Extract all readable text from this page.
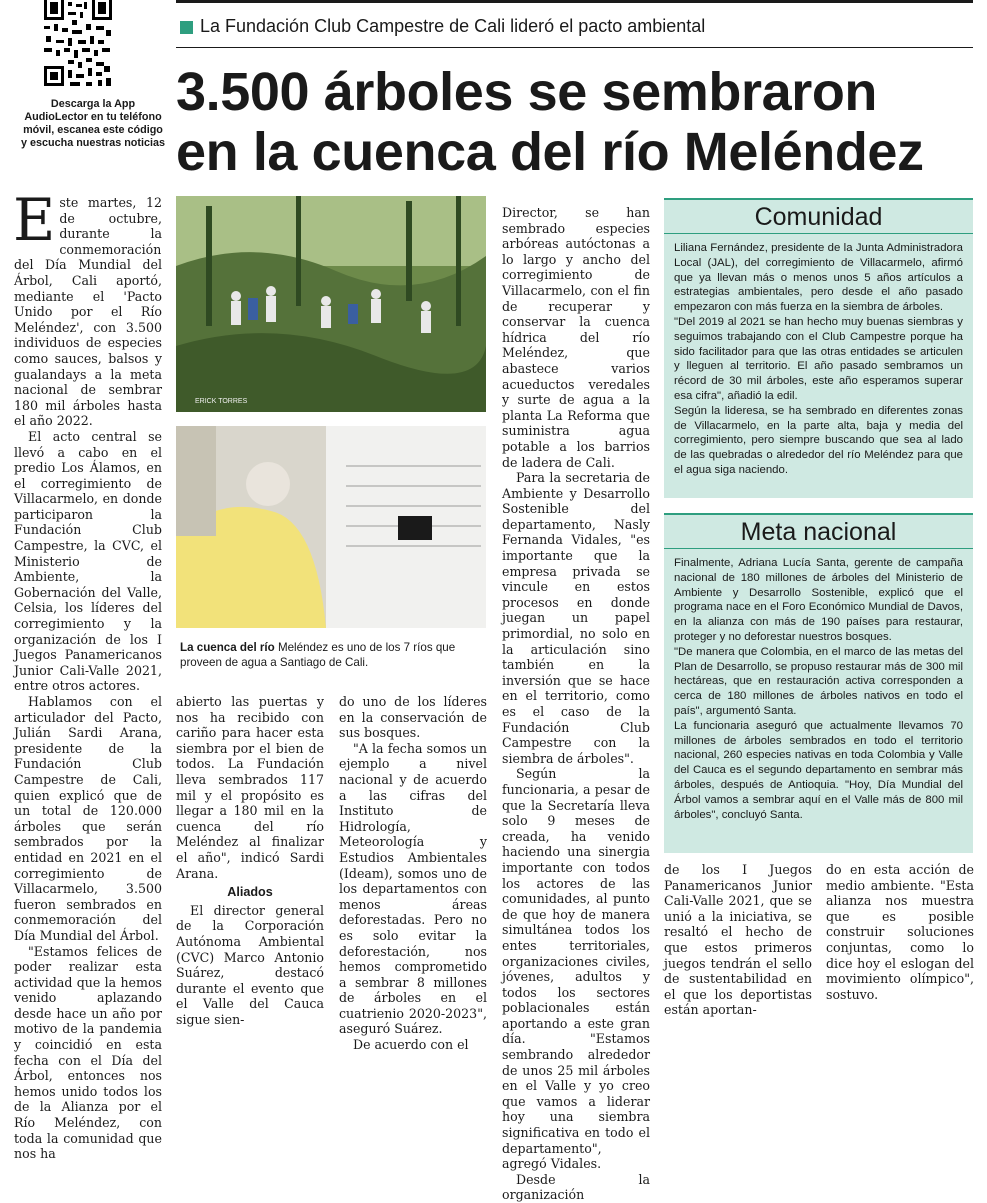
Descarga la App AudioLector en tu teléfono móvil, escanea este código y escucha nuestras noticias
La Fundación Club Campestre de Cali lideró el pacto ambiental
3.500 árboles se sembraron
en la cuenca del río Meléndez

Este martes, 12 de octubre, durante la conmemoración del Día Mundial del Árbol, Cali aportó, mediante el 'Pacto Unido por el Río Meléndez', con 3.500 individuos de especies como sauces, balsos y gualandays a la meta nacional de sembrar 180 mil árboles hasta el año 2022.

El acto central se llevó a cabo en el predio Los Álamos, en el corregimiento de Villacarmelo, en donde participaron la Fundación Club Campestre, la CVC, el Ministerio de Ambiente, la Gobernación del Valle, Celsia, los líderes del corregimiento y la organización de los I Juegos Panamericanos Junior Cali-Valle 2021, entre otros actores.

Hablamos con el articulador del Pacto, Julián Sardi Arana, presidente de la Fundación Club Campestre de Cali, quien explicó que de un total de 120.000 árboles que serán sembrados por la entidad en 2021 en el corregimiento de Villacarmelo, 3.500 fueron sembrados en conmemoración del Día Mundial del Árbol.

"Estamos felices de poder realizar esta actividad que la hemos venido aplazando desde hace un año por motivo de la pandemia y coincidió en esta fecha con el Día del Árbol, entonces nos hemos unido todos los de la Alianza por el Río Meléndez, con toda la comunidad que nos ha

ERICK TORRES
La cuenca del río Meléndez es uno de los 7 ríos que proveen de agua a Santiago de Cali.

abierto las puertas y nos ha recibido con cariño para hacer esta siembra por el bien de todos. La Fundación lleva sembrados 117 mil y el propósito es llegar a 180 mil en la cuenca del río Meléndez al finalizar el año", indicó Sardi Arana.

Aliados

El director general de la Corporación Autónoma Ambiental (CVC) Marco Antonio Suárez, destacó durante el evento que el Valle del Cauca sigue sien-

do uno de los líderes en la conservación de sus bosques.

"A la fecha somos un ejemplo a nivel nacional y de acuerdo a las cifras del Instituto de Hidrología, Meteorología y Estudios Ambientales (Ideam), somos uno de los departamentos con menos áreas deforestadas. Pero no es solo evitar la deforestación, nos hemos comprometido a sembrar 8 millones de árboles en el cuatrienio 2020-2023", aseguró Suárez.

De acuerdo con el

Director, se han sembrado especies arbóreas autóctonas a lo largo y ancho del corregimiento de Villacarmelo, con el fin de recuperar y conservar la cuenca hídrica del río Meléndez, que abastece varios acueductos veredales y surte de agua a la planta La Reforma que suministra agua potable a los barrios de ladera de Cali.

Para la secretaria de Ambiente y Desarrollo Sostenible del departamento, Nasly Fernanda Vidales, "es importante que la empresa privada se vincule en estos procesos en donde juegan un papel primordial, no solo en la articulación sino también en la inversión que se hace en el territorio, como es el caso de la Fundación Club Campestre con la siembra de árboles".

Según la funcionaria, a pesar de que la Secretaría lleva solo 9 meses de creada, ha venido haciendo una sinergia importante con todos los actores de las comunidades, al punto de que hoy de manera simultánea todos los entes territoriales, organizaciones civiles, jóvenes, adultos y todos los sectores poblacionales están aportando a este gran día. "Estamos sembrando alrededor de unos 25 mil árboles en el Valle y yo creo que vamos a liderar hoy una siembra significativa en todo el departamento", agregó Vidales.

Desde la organización

Comunidad

Liliana Fernández, presidente de la Junta Administradora Local (JAL), del corregimiento de Villacarmelo, afirmó que ya llevan más o menos unos 5 años artículos a estrategias ambientales, pero desde el año pasado empezaron con más fuerza en la siembra de árboles.

"Del 2019 al 2021 se han hecho muy buenas siembras y seguimos trabajando con el Club Campestre porque ha sido facilitador para que las otras entidades se articulen y lleguen al territorio. El año pasado sembramos un récord de 30 mil árboles, este año esperamos superar esa cifra", añadió la edil.

Según la lideresa, se ha sembrado en diferentes zonas de Villacarmelo, en la parte alta, baja y media del corregimiento, pero siempre buscando que sea al lado de las quebradas o alrededor del río Meléndez para que el agua siga naciendo.

Meta nacional

Finalmente, Adriana Lucía Santa, gerente de campaña nacional de 180 millones de árboles del Ministerio de Ambiente y Desarrollo Sostenible, explicó que el programa nace en el Foro Económico Mundial de Davos, en la alianza con más de 190 países para restaurar, proteger y no deforestar nuestros bosques.

"De manera que Colombia, en el marco de las metas del Plan de Desarrollo, se propuso restaurar más de 300 mil hectáreas, que en restauración activa corresponden a cerca de 180 millones de árboles nativos en todo el país", argumentó Santa.

La funcionaria aseguró que actualmente llevamos 70 millones de árboles sembrados en todo el territorio nacional, 260 especies nativas en toda Colombia y Valle del Cauca es el segundo departamento en sembrar más árboles, después de Antioquia. "Hoy, Día Mundial del Árbol vamos a sembrar aquí en el Valle más de 800 mil árboles", concluyó Santa.

de los I Juegos Panamericanos Junior Cali-Valle 2021, que se unió a la iniciativa, se resaltó el hecho de que estos primeros juegos tendrán el sello de sustentabilidad en el que los deportistas están aportan-

do en esta acción de medio ambiente. "Esta alianza nos muestra que es posible construir soluciones conjuntas, como lo dice hoy el eslogan del movimiento olímpico", sostuvo.
